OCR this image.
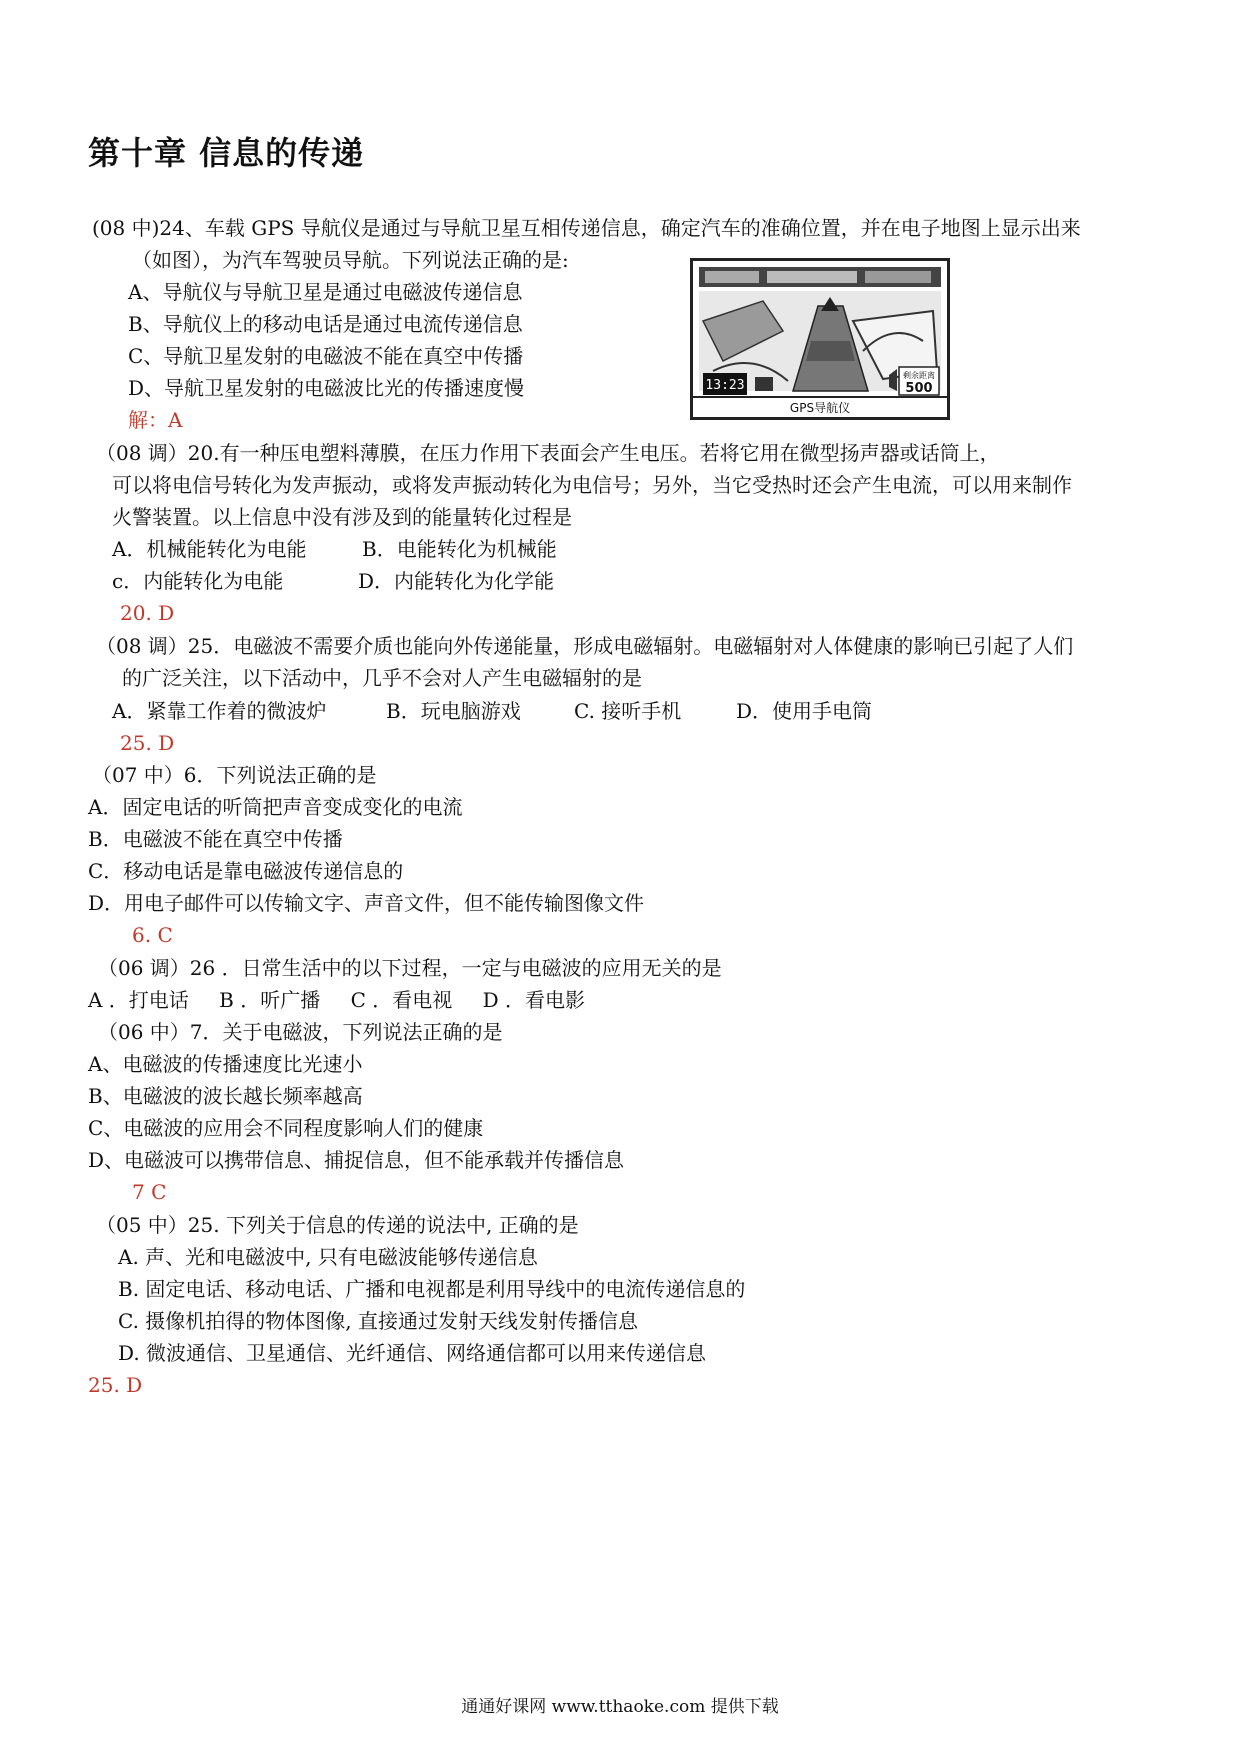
第十章 信息的传递
(08 中)24、车载 GPS 导航仪是通过与导航卫星互相传递信息，确定汽车的准确位置，并在电子地图上显示出来
（如图），为汽车驾驶员导航。下列说法正确的是:
A、导航仪与导航卫星是通过电磁波传递信息
B、导航仪上的移动电话是通过电流传递信息
C、导航卫星发射的电磁波不能在真空中传播
D、导航卫星发射的电磁波比光的传播速度慢
解：A
13:23
剩余距离
500
GPS导航仪
（08 调）20.有一种压电塑料薄膜，在压力作用下表面会产生电压。若将它用在微型扬声器或话筒上，
可以将电信号转化为发声振动，或将发声振动转化为电信号；另外，当它受热时还会产生电流，可以用来制作
火警装置。以上信息中没有涉及到的能量转化过程是
A．机械能转化为电能	B．电能转化为机械能
c．内能转化为电能	D．内能转化为化学能
20. D
（08 调）25．电磁波不需要介质也能向外传递能量，形成电磁辐射。电磁辐射对人体健康的影响已引起了人们
的广泛关注，以下活动中，几乎不会对人产生电磁辐射的是
A．紧靠工作着的微波炉	B．玩电脑游戏	C. 接听手机	D．使用手电筒
25. D
（07 中）6．下列说法正确的是
A．固定电话的听筒把声音变成变化的电流
B．电磁波不能在真空中传播
C．移动电话是靠电磁波传递信息的
D．用电子邮件可以传输文字、声音文件，但不能传输图像文件
6. C
（06 调）26 ．日常生活中的以下过程，一定与电磁波的应用无关的是
A ．打电话 B ．听广播 C ．看电视 D ．看电影
（06 中）7．关于电磁波，下列说法正确的是
A、电磁波的传播速度比光速小
B、电磁波的波长越长频率越高
C、电磁波的应用会不同程度影响人们的健康
D、电磁波可以携带信息、捕捉信息，但不能承载并传播信息
7 C
（05 中）25. 下列关于信息的传递的说法中, 正确的是
A. 声、光和电磁波中, 只有电磁波能够传递信息
B. 固定电话、移动电话、广播和电视都是利用导线中的电流传递信息的
C. 摄像机拍得的物体图像, 直接通过发射天线发射传播信息
D. 微波通信、卫星通信、光纤通信、网络通信都可以用来传递信息
25. D
通通好课网 www.tthaoke.com 提供下载
